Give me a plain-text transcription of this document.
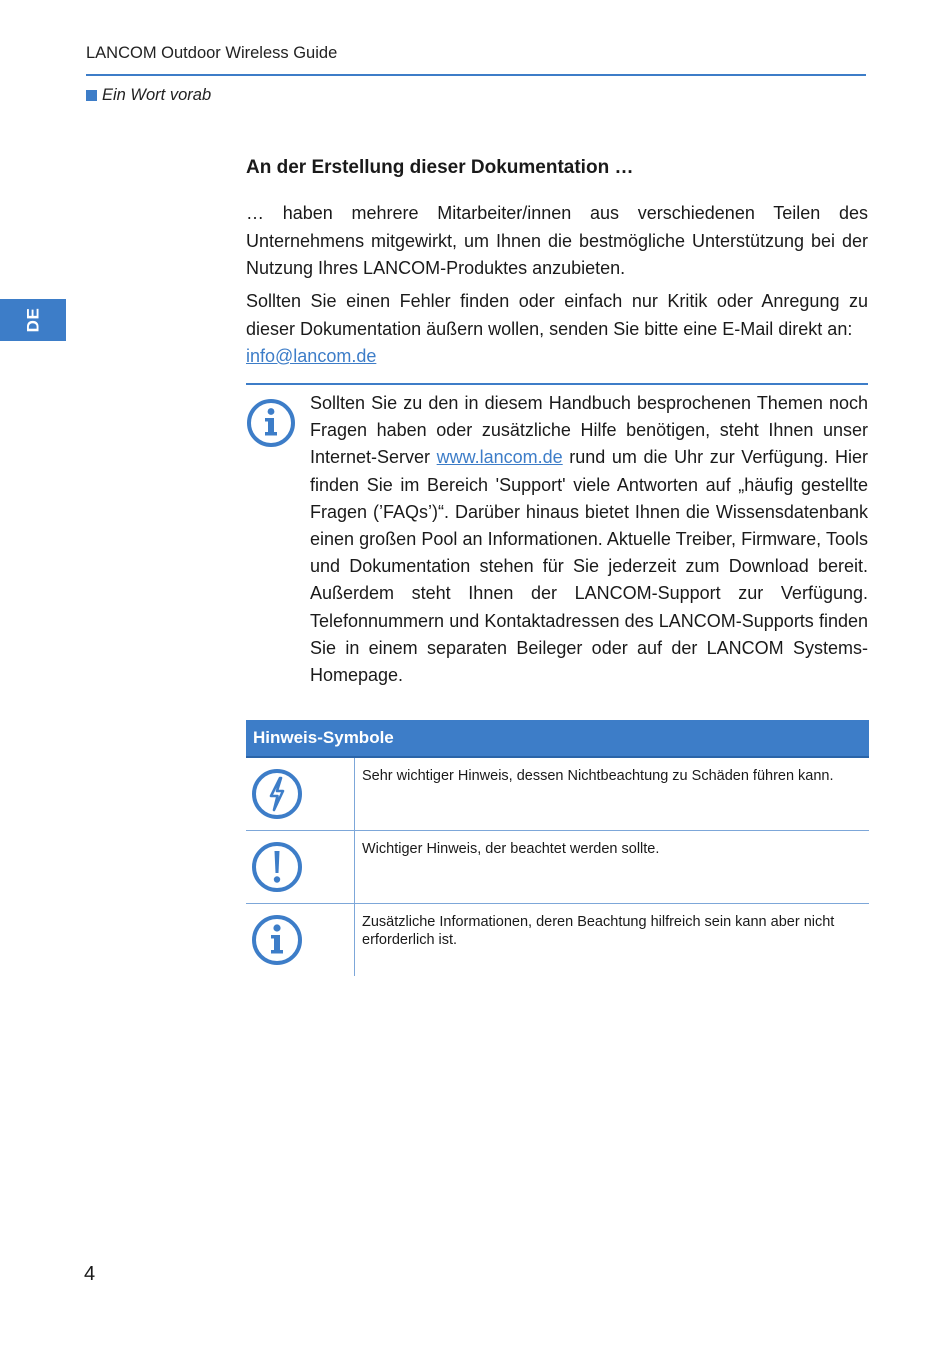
LANCOM Outdoor Wireless Guide
Ein Wort vorab
DE
An der Erstellung dieser Dokumentation …
… haben mehrere Mitarbeiter/innen aus verschiedenen Teilen des Unternehmens mitgewirkt, um Ihnen die bestmögliche Unterstützung bei der Nutzung Ihres LANCOM-Produktes anzubieten.
Sollten Sie einen Fehler finden oder einfach nur Kritik oder Anregung zu dieser Dokumentation äußern wollen, senden Sie bitte eine E-Mail direkt an:
info@lancom.de
Sollten Sie zu den in diesem Handbuch besprochenen Themen noch Fragen haben oder zusätzliche Hilfe benötigen, steht Ihnen unser Internet-Server www.lancom.de rund um die Uhr zur Verfügung. Hier finden Sie im Bereich 'Support' viele Antworten auf „häufig gestellte Fragen (’FAQs’)“. Darüber hinaus bietet Ihnen die Wissensdatenbank einen großen Pool an Informationen. Aktuelle Treiber, Firmware, Tools und Dokumentation stehen für Sie jederzeit zum Download bereit. Außerdem steht Ihnen der LANCOM-Support zur Verfügung. Telefonnummern und Kontaktadressen des LANCOM-Supports finden Sie in einem separaten Beileger oder auf der LANCOM Systems-Homepage.
Hinweis-Symbole
Sehr wichtiger Hinweis, dessen Nichtbeachtung zu Schäden führen kann.
Wichtiger Hinweis, der beachtet werden sollte.
Zusätzliche Informationen, deren Beachtung hilfreich sein kann aber nicht erforderlich ist.
4
